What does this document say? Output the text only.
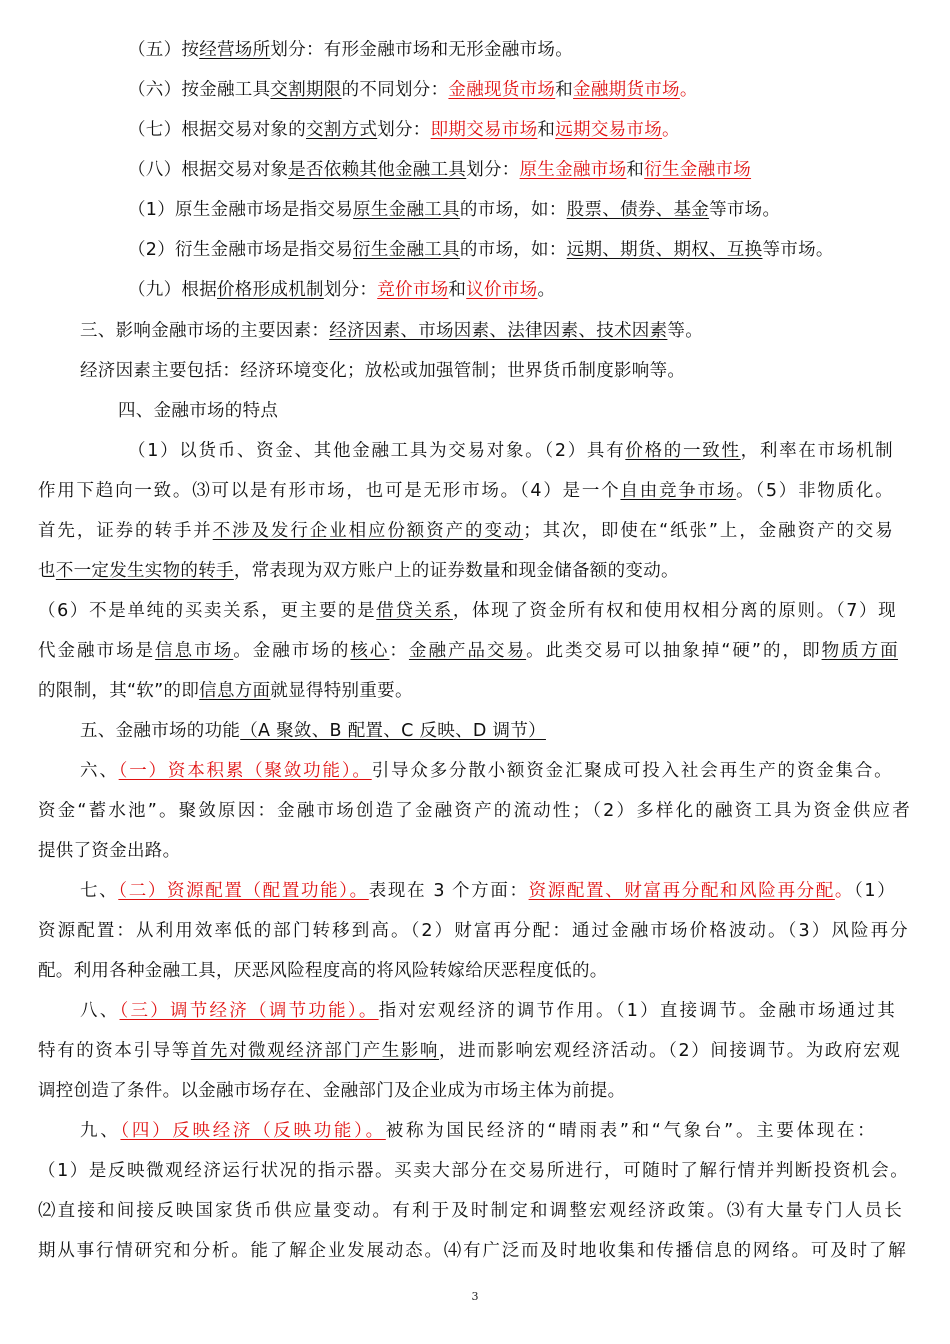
（五）按经营场所划分：有形金融市场和无形金融市场。
（六）按金融工具交割期限的不同划分：金融现货市场和金融期货市场。
（七）根据交易对象的交割方式划分：即期交易市场和远期交易市场。
（八）根据交易对象是否依赖其他金融工具划分：原生金融市场和衍生金融市场
（1）原生金融市场是指交易原生金融工具的市场，如：股票、债券、基金等市场。
（2）衍生金融市场是指交易衍生金融工具的市场，如：远期、期货、期权、互换等市场。
（九）根据价格形成机制划分：竞价市场和议价市场。
三、影响金融市场的主要因素：经济因素、市场因素、法律因素、技术因素等。
经济因素主要包括：经济环境变化；放松或加强管制；世界货币制度影响等。
四、金融市场的特点
（1）以货币、资金、其他金融工具为交易对象。（2）具有价格的一致性，利率在市场机制
作用下趋向一致。⑶可以是有形市场，也可是无形市场。（4）是一个自由竞争市场。（5）非物质化。
首先，证券的转手并不涉及发行企业相应份额资产的变动；其次，即使在“纸张”上，金融资产的交易
也不一定发生实物的转手，常表现为双方账户上的证券数量和现金储备额的变动。
（6）不是单纯的买卖关系，更主要的是借贷关系，体现了资金所有权和使用权相分离的原则。（7）现
代金融市场是信息市场。金融市场的核心：金融产品交易。此类交易可以抽象掉“硬”的，即物质方面
的限制，其“软”的即信息方面就显得特别重要。
五、金融市场的功能（A 聚敛、B 配置、C 反映、D 调节）
六、（一）资本积累（聚敛功能）。引导众多分散小额资金汇聚成可投入社会再生产的资金集合。
资金“蓄水池”。聚敛原因：金融市场创造了金融资产的流动性；（2）多样化的融资工具为资金供应者
提供了资金出路。
七、（二）资源配置（配置功能）。表现在 3 个方面：资源配置、财富再分配和风险再分配。（1）
资源配置：从利用效率低的部门转移到高。（2）财富再分配：通过金融市场价格波动。（3）风险再分
配。利用各种金融工具，厌恶风险程度高的将风险转嫁给厌恶程度低的。
八、（三）调节经济（调节功能）。指对宏观经济的调节作用。（1）直接调节。金融市场通过其
特有的资本引导等首先对微观经济部门产生影响，进而影响宏观经济活动。（2）间接调节。为政府宏观
调控创造了条件。以金融市场存在、金融部门及企业成为市场主体为前提。
九、（四）反映经济（反映功能）。被称为国民经济的“晴雨表”和“气象台”。主要体现在：
（1）是反映微观经济运行状况的指示器。买卖大部分在交易所进行，可随时了解行情并判断投资机会。
⑵直接和间接反映国家货币供应量变动。有利于及时制定和调整宏观经济政策。⑶有大量专门人员长
期从事行情研究和分析。能了解企业发展动态。⑷有广泛而及时地收集和传播信息的网络。可及时了解
3
